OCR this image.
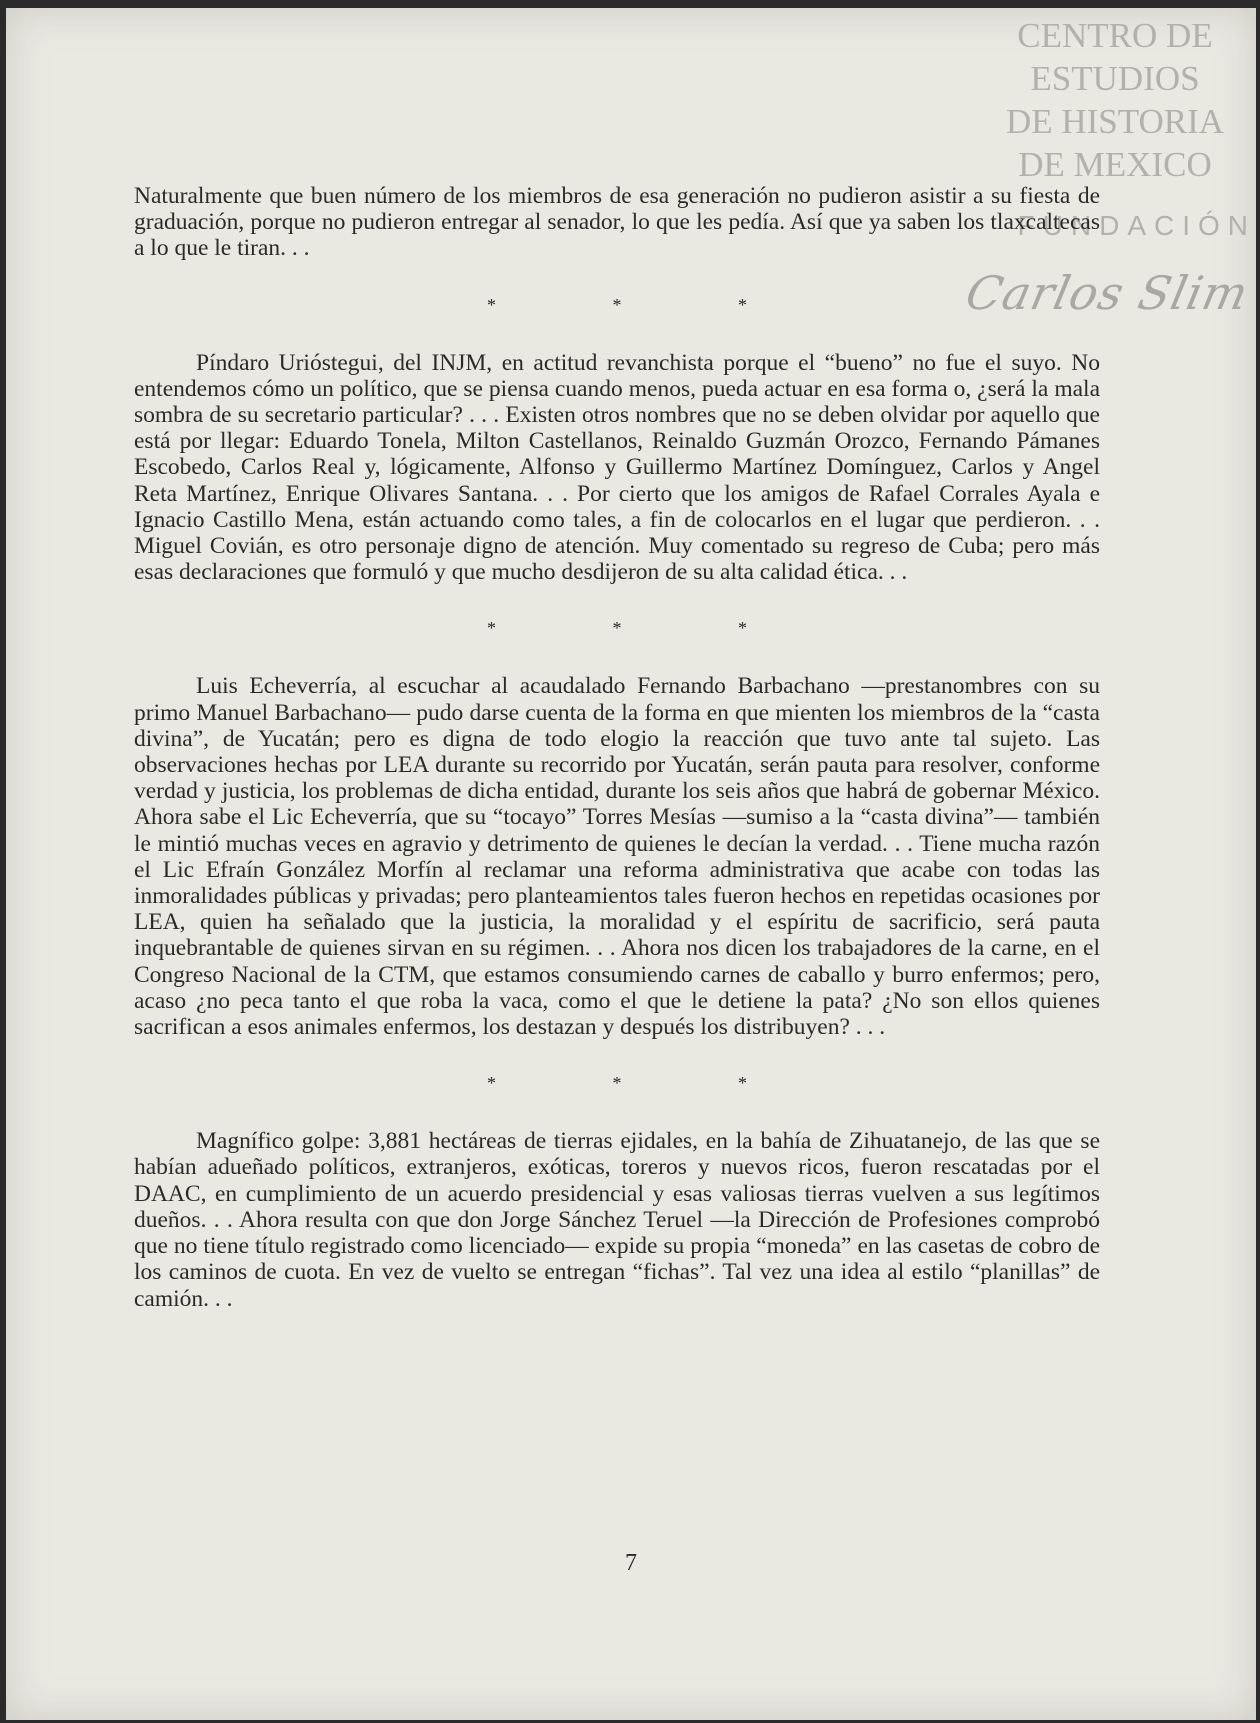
CENTRO DE
ESTUDIOS
DE HISTORIA
DE MEXICO
FUNDACIÓN
Carlos Slim

Naturalmente que buen número de los miembros de esa generación no pudieron asistir a su fiesta de graduación, porque no pudieron entregar al senador, lo que les pedía. Así que ya saben los tlaxcaltecas a lo que le tiran. . .

* * *

Píndaro Urióstegui, del INJM, en actitud revanchista porque el “bueno” no fue el suyo. No entendemos cómo un político, que se piensa cuando menos, pueda actuar en esa forma o, ¿será la mala sombra de su secretario particular? . . . Existen otros nombres que no se deben olvidar por aquello que está por llegar: Eduardo Tonela, Milton Castellanos, Reinaldo Guzmán Orozco, Fernando Pámanes Escobedo, Carlos Real y, lógicamente, Alfonso y Guillermo Martínez Domínguez, Carlos y Angel Reta Martínez, Enrique Olivares Santana. . . Por cierto que los amigos de Rafael Corrales Ayala e Ignacio Castillo Mena, están actuando como tales, a fin de colocarlos en el lugar que perdieron. . . Miguel Covián, es otro personaje digno de atención. Muy comentado su regreso de Cuba; pero más esas declaraciones que formuló y que mucho desdijeron de su alta calidad ética. . .

* * *

Luis Echeverría, al escuchar al acaudalado Fernando Barbachano —prestanombres con su primo Manuel Barbachano— pudo darse cuenta de la forma en que mienten los miembros de la “casta divina”, de Yucatán; pero es digna de todo elogio la reacción que tuvo ante tal sujeto. Las observaciones hechas por LEA durante su recorrido por Yucatán, serán pauta para resolver, conforme verdad y justicia, los problemas de dicha entidad, durante los seis años que habrá de gobernar México. Ahora sabe el Lic Echeverría, que su “tocayo” Torres Mesías —sumiso a la “casta divina”— también le mintió muchas veces en agravio y detrimento de quienes le decían la verdad. . . Tiene mucha razón el Lic Efraín González Morfín al reclamar una reforma administrativa que acabe con todas las inmoralidades públicas y privadas; pero planteamientos tales fueron hechos en repetidas ocasiones por LEA, quien ha señalado que la justicia, la moralidad y el espíritu de sacrificio, será pauta inquebrantable de quienes sirvan en su régimen. . . Ahora nos dicen los trabajadores de la carne, en el Congreso Nacional de la CTM, que estamos consumiendo carnes de caballo y burro enfermos; pero, acaso ¿no peca tanto el que roba la vaca, como el que le detiene la pata? ¿No son ellos quienes sacrifican a esos animales enfermos, los destazan y después los distribuyen? . . .

* * *

Magnífico golpe: 3,881 hectáreas de tierras ejidales, en la bahía de Zihuatanejo, de las que se habían adueñado políticos, extranjeros, exóticas, toreros y nuevos ricos, fueron rescatadas por el DAAC, en cumplimiento de un acuerdo presidencial y esas valiosas tierras vuelven a sus legítimos dueños. . . Ahora resulta con que don Jorge Sánchez Teruel —la Dirección de Profesiones comprobó que no tiene título registrado como licenciado— expide su propia “moneda” en las casetas de cobro de los caminos de cuota. En vez de vuelto se entregan “fichas”. Tal vez una idea al estilo “planillas” de camión. . .

7
